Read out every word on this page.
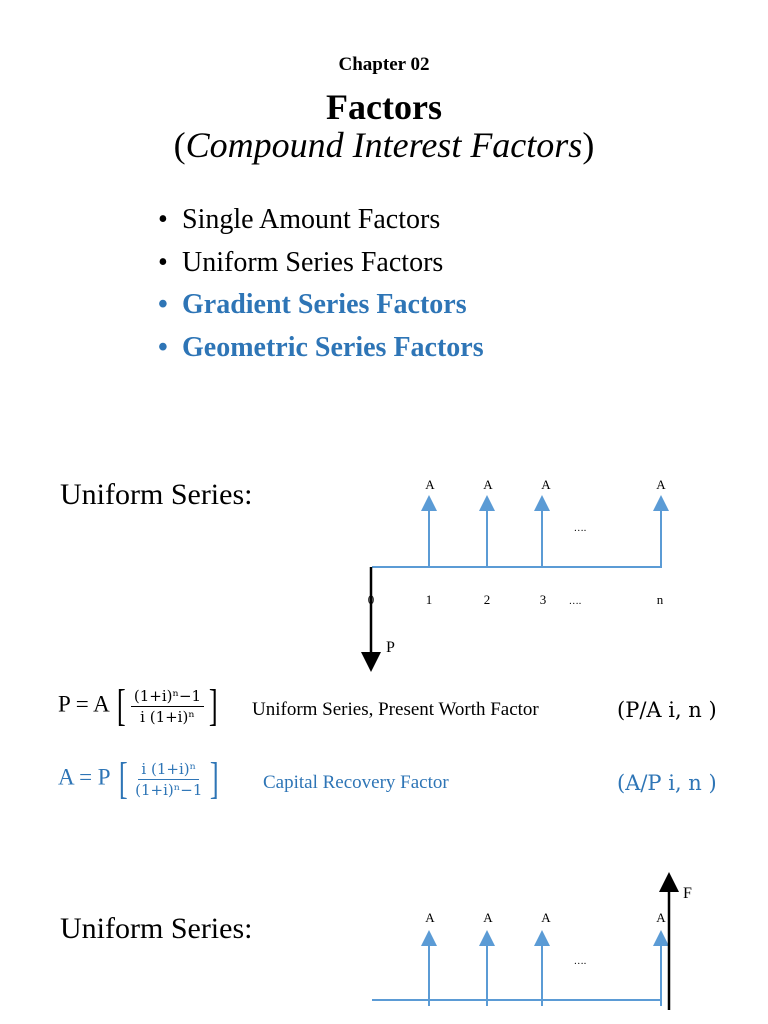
Chapter 02
Factors
(Compound Interest Factors)
• Single Amount Factors
• Uniform Series Factors
• Gradient Series Factors
• Geometric Series Factors
Uniform Series:	A	A	A	A
….
0	1	2	3 ….	n
P
A	A	A	A
….
F
P = A [ $\frac{\text{(1+i)ⁿ−1}}{\text{i (1+i)ⁿ}}$ ] Uniform Series, Present Worth Factor	(P/A i, n )
A = P [ $\frac{\text{i (1+i)ⁿ}}{\text{(1+i)ⁿ−1}}$ ] Capital Recovery Factor	(A/P i, n )
Uniform Series:
